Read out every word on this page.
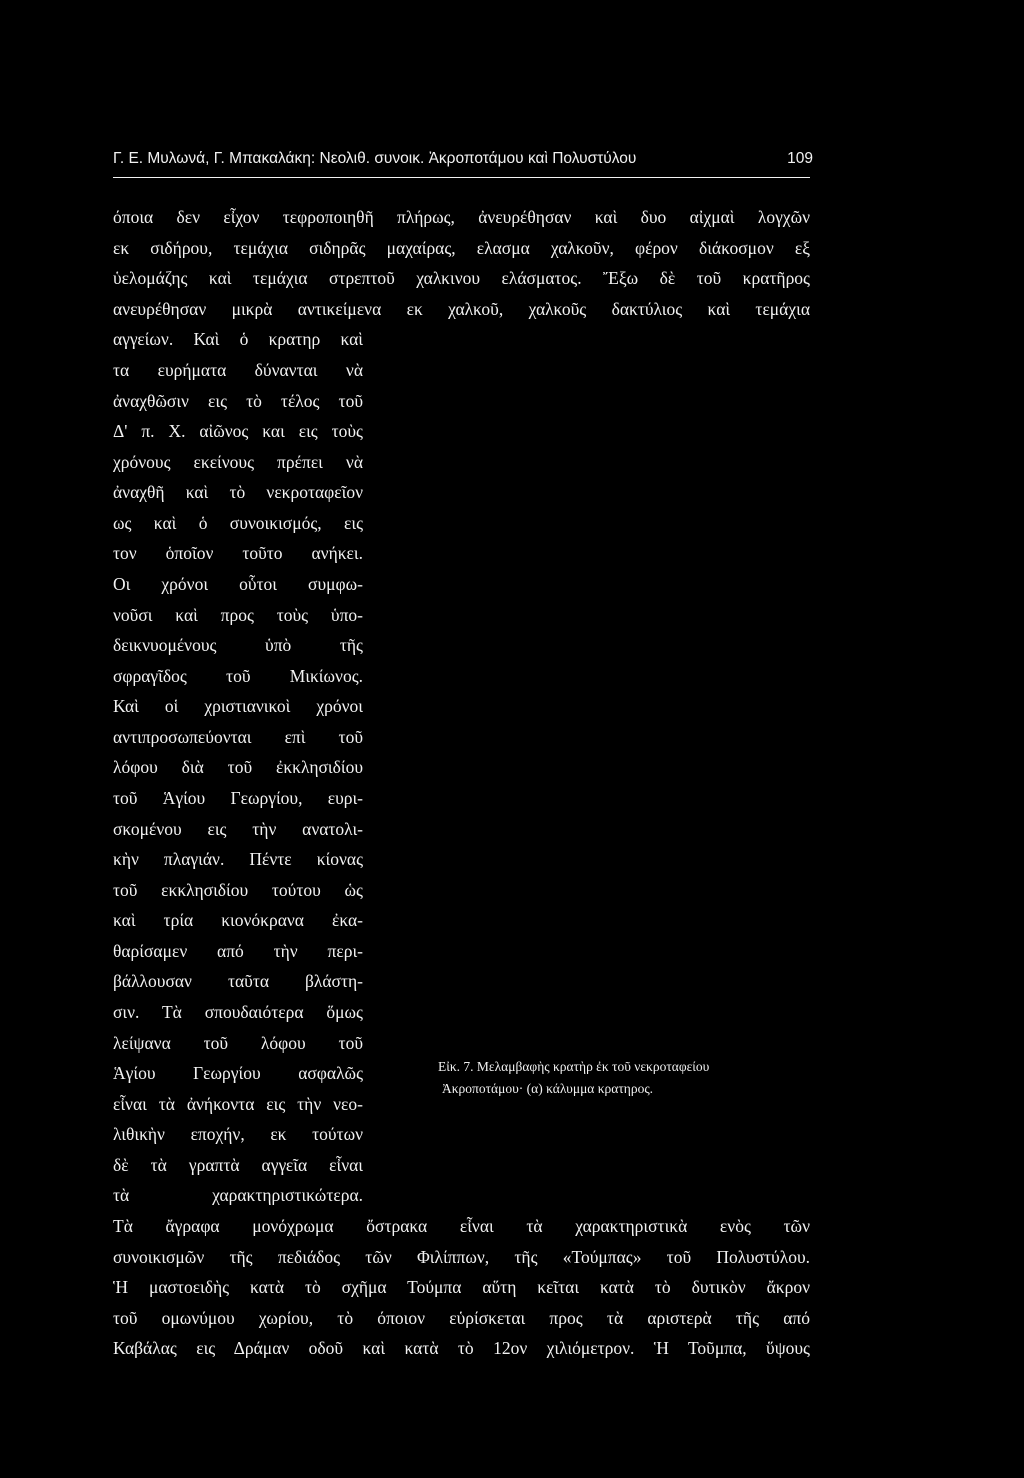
Γ. Ε. Μυλωνά, Γ. Μπακαλάκη: Νεολιθ. συνοικ. Ἀκροποτάμου καὶ Πολυστύλου	109
όποια δεν εἶχον τεφροποιηθῆ πλήρως, ἀνευρέθησαν καὶ δυο αἰχμαὶ λογχῶν
εκ σιδήρου, τεμάχια σιδηρᾶς μαχαίρας, ελασμα χαλκοῦν, φέρον διάκοσμον εξ
ὑελομάζης καὶ τεμάχια στρεπτοῦ χαλκινου ελάσματος. Ἔξω δὲ τοῦ κρατῆρος
ανευρέθησαν μικρὰ αντικείμενα εκ χαλκοῦ, χαλκοῦς δακτύλιος καὶ τεμάχια
αγγείων. Καὶ ὁ κρατηρ καὶ
τα ευρήματα δύνανται νὰ
ἀναχθῶσιν εις τὸ τέλος τοῦ
Δ' π. Χ. αἰῶνος και εις τοὺς
χρόνους εκείνους πρέπει νὰ
ἀναχθῆ καὶ τὸ νεκροταφεῖον
ως καὶ ὁ συνοικισμός, εις
τον ὁποῖον τοῦτο ανήκει.
Οι χρόνοι οὗτοι συμφω-
νοῦσι καὶ προς τοὺς ὑπο-
δεικνυομένους ὑπὸ τῆς
σφραγῖδος τοῦ Μικίωνος.
Καὶ οἱ χριστιανικοὶ χρόνοι
αντιπροσωπεύονται επὶ τοῦ
λόφου διὰ τοῦ ἐκκλησιδίου
τοῦ Ἁγίου Γεωργίου, ευρι-
σκομένου εις τὴν ανατολι-
κὴν πλαγιάν. Πέντε κίονας
τοῦ εκκλησιδίου τούτου ὡς
καὶ τρία κιονόκρανα ἐκα-
θαρίσαμεν από τὴν περι-
βάλλουσαν ταῦτα βλάστη-
σιν. Τὰ σπουδαιότερα ὅμως
λείψανα τοῦ λόφου τοῦ
Ἁγίου Γεωργίου ασφαλῶς
εἶναι τὰ ἀνήκοντα εις τὴν νεο-
λιθικὴν εποχήν, εκ τούτων
δὲ τὰ γραπτὰ αγγεῖα εἶναι
τὰ χαρακτηριστικώτερα.
Εἰκ. 7. Μελαμβαφὴς κρατὴρ ἐκ τοῦ νεκροταφείου
Ἀκροποτάμου· (α) κάλυμμα κρατηρος.
Τὰ ἄγραφα μονόχρωμα ὄστρακα εἶναι τὰ χαρακτηριστικὰ ενὸς τῶν
συνοικισμῶν τῆς πεδιάδος τῶν Φιλίππων, τῆς «Τούμπας» τοῦ Πολυστύλου.
Ἡ μαστοειδὴς κατὰ τὸ σχῆμα Τούμπα αὕτη κεῖται κατὰ τὸ δυτικὸν ἄκρον
τοῦ ομωνύμου χωρίου, τὸ όποιον εὑρίσκεται προς τὰ αριστερὰ τῆς από
Καβάλας εις Δράμαν οδοῦ καὶ κατὰ τὸ 12ον χιλιόμετρον. Ἡ Τοῦμπα, ὕψους
